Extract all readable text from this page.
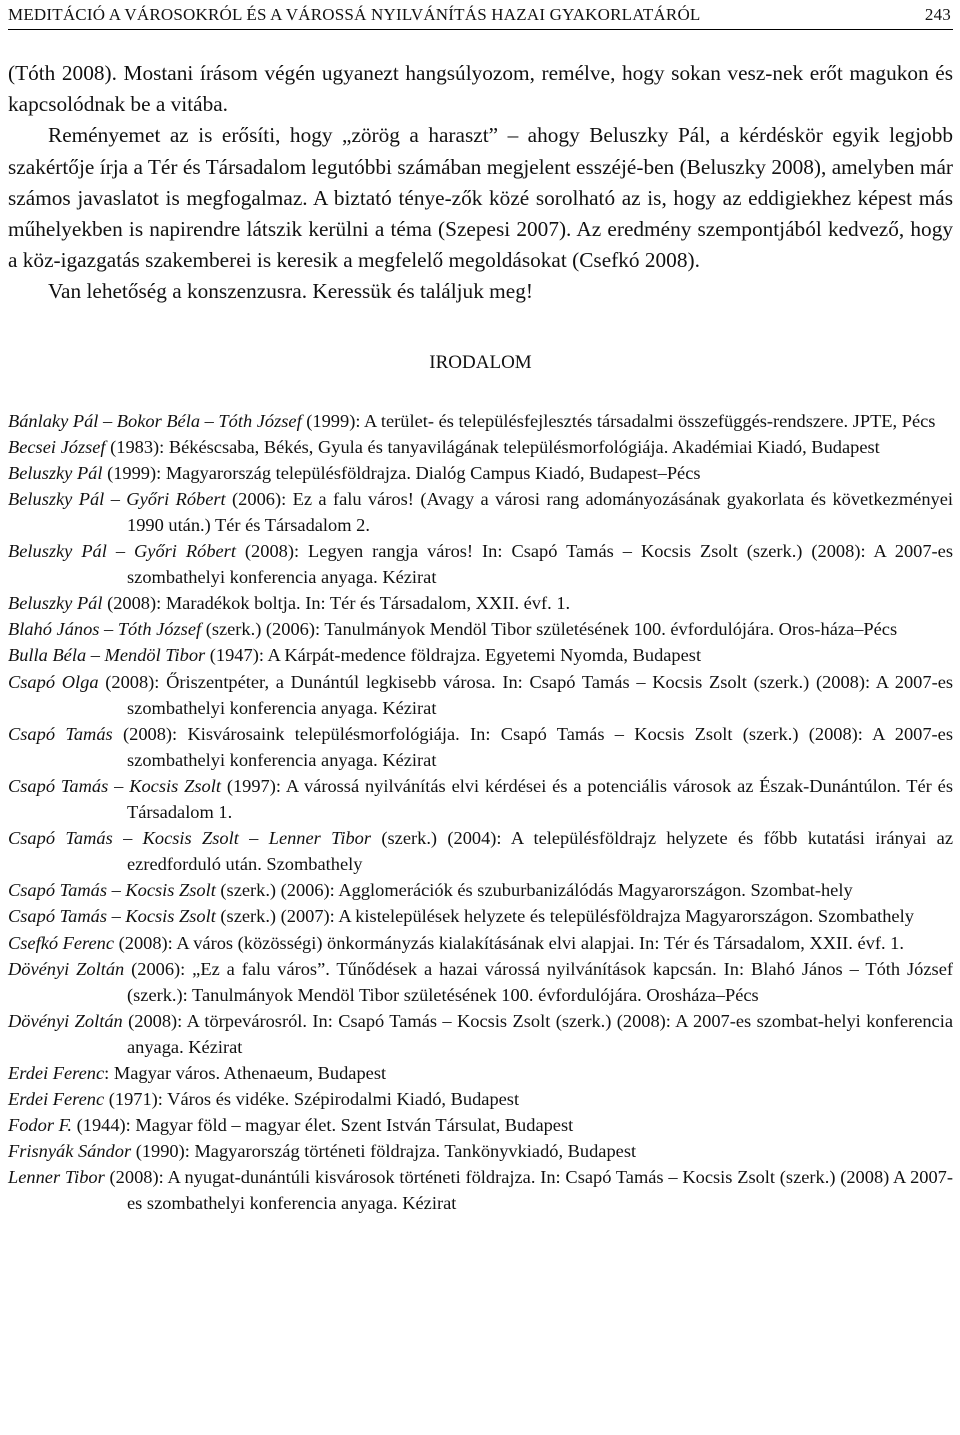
MEDITÁCIÓ A VÁROSOKRÓL ÉS A VÁROSSÁ NYILVÁNÍTÁS HAZAI GYAKORLATÁRÓL	243

(Tóth 2008). Mostani írásom végén ugyanezt hangsúlyozom, remélve, hogy sokan vesz-nek erőt magukon és kapcsolódnak be a vitába.

Reményemet az is erősíti, hogy „zörög a haraszt” – ahogy Beluszky Pál, a kérdéskör egyik legjobb szakértője írja a Tér és Társadalom legutóbbi számában megjelent esszéjé-ben (Beluszky 2008), amelyben már számos javaslatot is megfogalmaz. A biztató ténye-zők közé sorolható az is, hogy az eddigiekhez képest más műhelyekben is napirendre látszik kerülni a téma (Szepesi 2007). Az eredmény szempontjából kedvező, hogy a köz-igazgatás szakemberei is keresik a megfelelő megoldásokat (Csefkó 2008).

Van lehetőség a konszenzusra. Keressük és találjuk meg!

IRODALOM

Bánlaky Pál – Bokor Béla – Tóth József (1999): A terület- és településfejlesztés társadalmi összefüggés-rendszere. JPTE, Pécs

Becsei József (1983): Békéscsaba, Békés, Gyula és tanyavilágának településmorfológiája. Akadémiai Kiadó, Budapest

Beluszky Pál (1999): Magyarország településföldrajza. Dialóg Campus Kiadó, Budapest–Pécs

Beluszky Pál – Győri Róbert (2006): Ez a falu város! (Avagy a városi rang adományozásának gyakorlata és következményei 1990 után.) Tér és Társadalom 2.

Beluszky Pál – Győri Róbert (2008): Legyen rangja város! In: Csapó Tamás – Kocsis Zsolt (szerk.) (2008): A 2007-es szombathelyi konferencia anyaga. Kézirat

Beluszky Pál (2008): Maradékok boltja. In: Tér és Társadalom, XXII. évf. 1.

Blahó János – Tóth József (szerk.) (2006): Tanulmányok Mendöl Tibor születésének 100. évfordulójára. Oros-háza–Pécs

Bulla Béla – Mendöl Tibor (1947): A Kárpát-medence földrajza. Egyetemi Nyomda, Budapest

Csapó Olga (2008): Őriszentpéter, a Dunántúl legkisebb városa. In: Csapó Tamás – Kocsis Zsolt (szerk.) (2008): A 2007-es szombathelyi konferencia anyaga. Kézirat

Csapó Tamás (2008): Kisvárosaink településmorfológiája. In: Csapó Tamás – Kocsis Zsolt (szerk.) (2008): A 2007-es szombathelyi konferencia anyaga. Kézirat

Csapó Tamás – Kocsis Zsolt (1997): A várossá nyilvánítás elvi kérdései és a potenciális városok az Észak-Dunántúlon. Tér és Társadalom 1.

Csapó Tamás – Kocsis Zsolt – Lenner Tibor (szerk.) (2004): A településföldrajz helyzete és főbb kutatási irányai az ezredforduló után. Szombathely

Csapó Tamás – Kocsis Zsolt (szerk.) (2006): Agglomerációk és szuburbanizálódás Magyarországon. Szombat-hely

Csapó Tamás – Kocsis Zsolt (szerk.) (2007): A kistelepülések helyzete és településföldrajza Magyarországon. Szombathely

Csefkó Ferenc (2008): A város (közösségi) önkormányzás kialakításának elvi alapjai. In: Tér és Társadalom, XXII. évf. 1.

Dövényi Zoltán (2006): „Ez a falu város”. Tűnődések a hazai várossá nyilvánítások kapcsán. In: Blahó János – Tóth József (szerk.): Tanulmányok Mendöl Tibor születésének 100. évfordulójára. Orosháza–Pécs

Dövényi Zoltán (2008): A törpevárosról. In: Csapó Tamás – Kocsis Zsolt (szerk.) (2008): A 2007-es szombat-helyi konferencia anyaga. Kézirat

Erdei Ferenc: Magyar város. Athenaeum, Budapest

Erdei Ferenc (1971): Város és vidéke. Szépirodalmi Kiadó, Budapest

Fodor F. (1944): Magyar föld – magyar élet. Szent István Társulat, Budapest

Frisnyák Sándor (1990): Magyarország történeti földrajza. Tankönyvkiadó, Budapest

Lenner Tibor (2008): A nyugat-dunántúli kisvárosok történeti földrajza. In: Csapó Tamás – Kocsis Zsolt (szerk.) (2008) A 2007-es szombathelyi konferencia anyaga. Kézirat
